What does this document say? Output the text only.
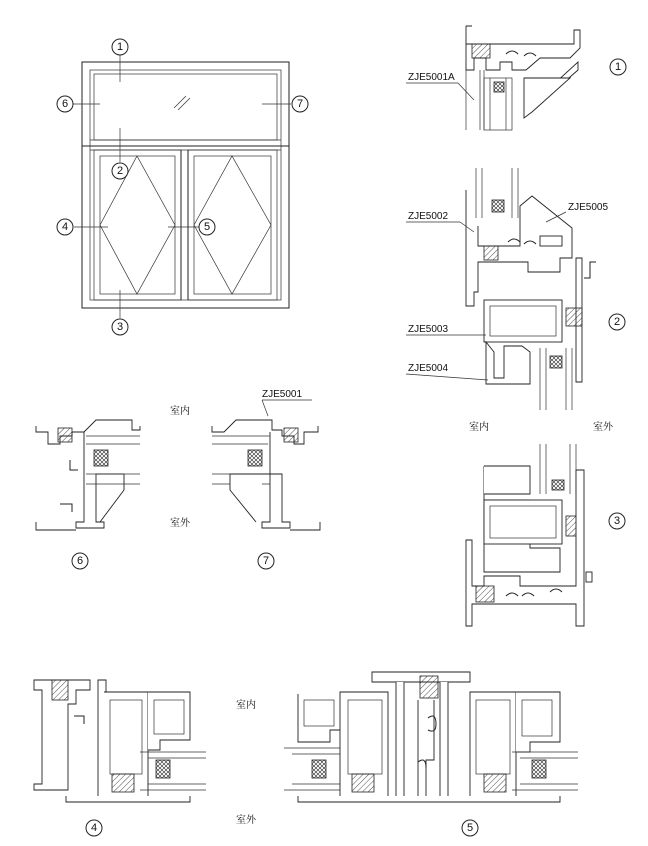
1
2
3
4	5
6	7
1
2
3
4	5
6	7
ZJE5001A
ZJE5001
ZJE5002
ZJE5003
ZJE5004
ZJE5005
室内
室外
室内	室外
室内
室外
